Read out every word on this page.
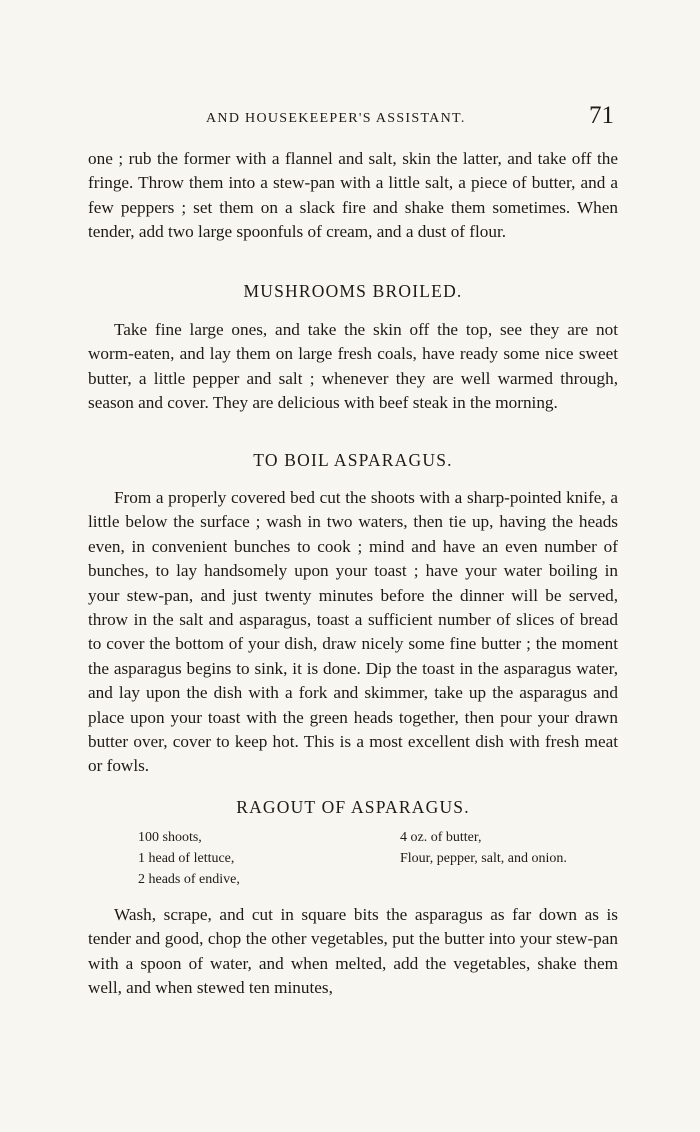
AND HOUSEKEEPER'S ASSISTANT.	71

one ; rub the former with a flannel and salt, skin the latter, and take off the fringe. Throw them into a stew-pan with a little salt, a piece of butter, and a few peppers ; set them on a slack fire and shake them sometimes. When tender, add two large spoonfuls of cream, and a dust of flour.

MUSHROOMS BROILED.

Take fine large ones, and take the skin off the top, see they are not worm-eaten, and lay them on large fresh coals, have ready some nice sweet butter, a little pepper and salt ; whenever they are well warmed through, season and cover. They are delicious with beef steak in the morning.

TO BOIL ASPARAGUS.

From a properly covered bed cut the shoots with a sharp-pointed knife, a little below the surface ; wash in two waters, then tie up, having the heads even, in convenient bunches to cook ; mind and have an even number of bunches, to lay handsomely upon your toast ; have your water boiling in your stew-pan, and just twenty minutes before the dinner will be served, throw in the salt and asparagus, toast a sufficient number of slices of bread to cover the bottom of your dish, draw nicely some fine butter ; the moment the asparagus begins to sink, it is done. Dip the toast in the asparagus water, and lay upon the dish with a fork and skimmer, take up the asparagus and place upon your toast with the green heads together, then pour your drawn butter over, cover to keep hot. This is a most excellent dish with fresh meat or fowls.

RAGOUT OF ASPARAGUS.
100 shoots,
1 head of lettuce,
2 heads of endive,
4 oz. of butter,
Flour, pepper, salt, and onion.

Wash, scrape, and cut in square bits the asparagus as far down as is tender and good, chop the other vegetables, put the butter into your stew-pan with a spoon of water, and when melted, add the vegetables, shake them well, and when stewed ten minutes,
